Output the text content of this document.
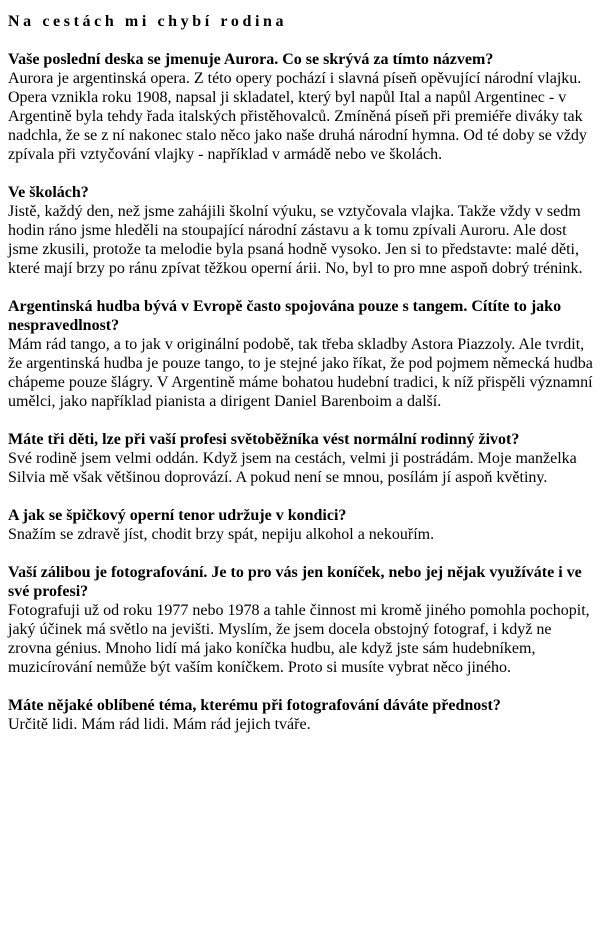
Na cestách mi chybí rodina

Vaše poslední deska se jmenuje Aurora. Co se skrývá za tímto názvem?

Aurora je argentinská opera. Z této opery pochází i slavná píseň opěvující národní vlajku. Opera vznikla roku 1908, napsal ji skladatel, který byl napůl Ital a napůl Argentinec - v Argentině byla tehdy řada italských přistěhovalců. Zmíněná píseň při premiéře diváky tak nadchla, že se z ní nakonec stalo něco jako naše druhá národní hymna. Od té doby se vždy zpívala při vztyčování vlajky - například v armádě nebo ve školách.

Ve školách?

Jistě, každý den, než jsme zahájili školní výuku, se vztyčovala vlajka. Takže vždy v sedm hodin ráno jsme hleděli na stoupající národní zástavu a k tomu zpívali Auroru. Ale dost jsme zkusili, protože ta melodie byla psaná hodně vysoko. Jen si to představte: malé děti, které mají brzy po ránu zpívat těžkou operní árii. No, byl to pro mne aspoň dobrý trénink.

Argentinská hudba bývá v Evropě často spojována pouze s tangem. Cítíte to jako nespravedlnost?

Mám rád tango, a to jak v originální podobě, tak třeba skladby Astora Piazzoly. Ale tvrdit, že argentinská hudba je pouze tango, to je stejné jako říkat, že pod pojmem německá hudba chápeme pouze šlágry. V Argentině máme bohatou hudební tradici, k níž přispěli významní umělci, jako například pianista a dirigent Daniel Barenboim a další.

Máte tři děti, lze při vaší profesi světoběžníka vést normální rodinný život?

Své rodině jsem velmi oddán. Když jsem na cestách, velmi ji postrádám. Moje manželka Silvia mě však většinou doprovází. A pokud není se mnou, posílám jí aspoň květiny.

A jak se špičkový operní tenor udržuje v kondici?

Snažím se zdravě jíst, chodit brzy spát, nepiju alkohol a nekouřím.

Vaší zálibou je fotografování. Je to pro vás jen koníček, nebo jej nějak využíváte i ve své profesi?

Fotografuji už od roku 1977 nebo 1978 a tahle činnost mi kromě jiného pomohla pochopit, jaký účinek má světlo na jevišti. Myslím, že jsem docela obstojný fotograf, i když ne zrovna génius. Mnoho lidí má jako koníčka hudbu, ale když jste sám hudebníkem, muzicírování nemůže být vaším koníčkem. Proto si musíte vybrat něco jiného.

Máte nějaké oblíbené téma, kterému při fotografování dáváte přednost?

Určitě lidi. Mám rád lidi. Mám rád jejich tváře.
